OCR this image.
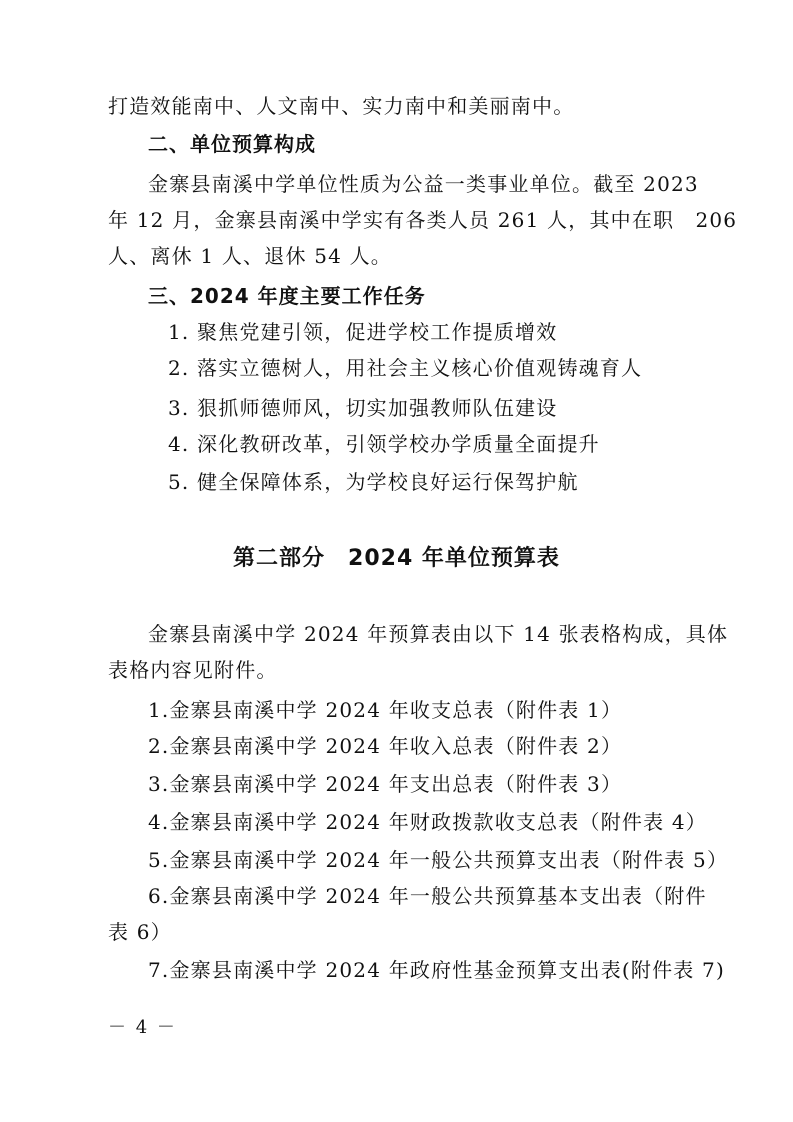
打造效能南中、人文南中、实力南中和美丽南中。
二、单位预算构成
金寨县南溪中学单位性质为公益一类事业单位。截至 2023
年 12 月，金寨县南溪中学实有各类人员 261 人，其中在职　206
人、离休 1 人、退休 54 人。
三、2024 年度主要工作任务
1. 聚焦党建引领，促进学校工作提质增效
2. 落实立德树人，用社会主义核心价值观铸魂育人
3. 狠抓师德师风，切实加强教师队伍建设
4. 深化教研改革，引领学校办学质量全面提升
5. 健全保障体系，为学校良好运行保驾护航
第二部分　2024 年单位预算表
金寨县南溪中学 2024 年预算表由以下 14 张表格构成，具体
表格内容见附件。
1.金寨县南溪中学 2024 年收支总表（附件表 1）
2.金寨县南溪中学 2024 年收入总表（附件表 2）
3.金寨县南溪中学 2024 年支出总表（附件表 3）
4.金寨县南溪中学 2024 年财政拨款收支总表（附件表 4）
5.金寨县南溪中学 2024 年一般公共预算支出表（附件表 5）
6.金寨县南溪中学 2024 年一般公共预算基本支出表（附件
表 6）
7.金寨县南溪中学 2024 年政府性基金预算支出表(附件表 7)
－ 4 －
